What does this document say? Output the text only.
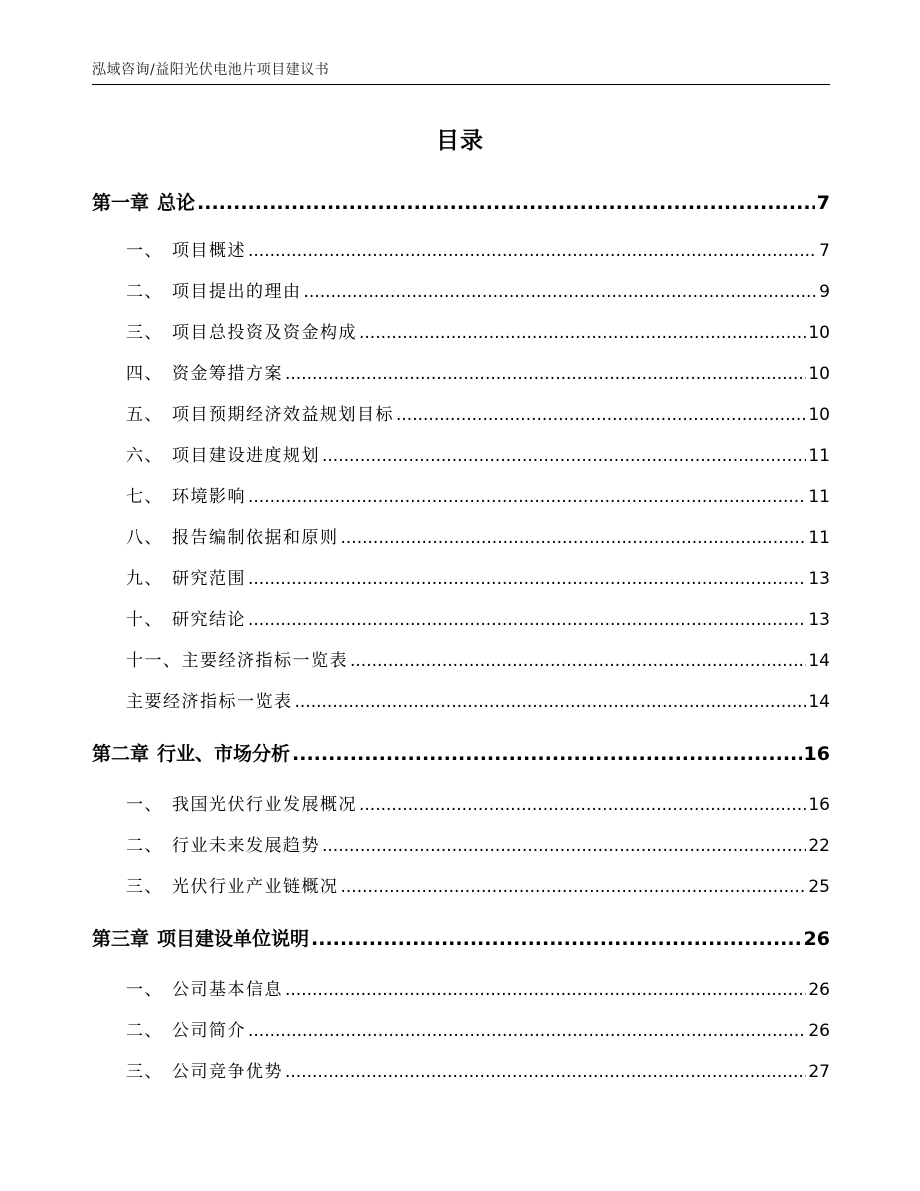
泓域咨询/益阳光伏电池片项目建议书
目录
第一章 总论 .....	7
一、 项目概述 .....	7
二、 项目提出的理由 .....	9
三、 项目总投资及资金构成 .....	10
四、 资金筹措方案 .....	10
五、 项目预期经济效益规划目标 .....	10
六、 项目建设进度规划 .....	11
七、 环境影响 .....	11
八、 报告编制依据和原则 .....	11
九、 研究范围 .....	13
十、 研究结论 .....	13
十一、主要经济指标一览表 .....	14
主要经济指标一览表 .....	14
第二章 行业、市场分析 .....	16
一、 我国光伏行业发展概况 .....	16
二、 行业未来发展趋势 .....	22
三、 光伏行业产业链概况 .....	25
第三章 项目建设单位说明 .....	26
一、 公司基本信息 .....	26
二、 公司简介 .....	26
三、 公司竞争优势 .....	27
